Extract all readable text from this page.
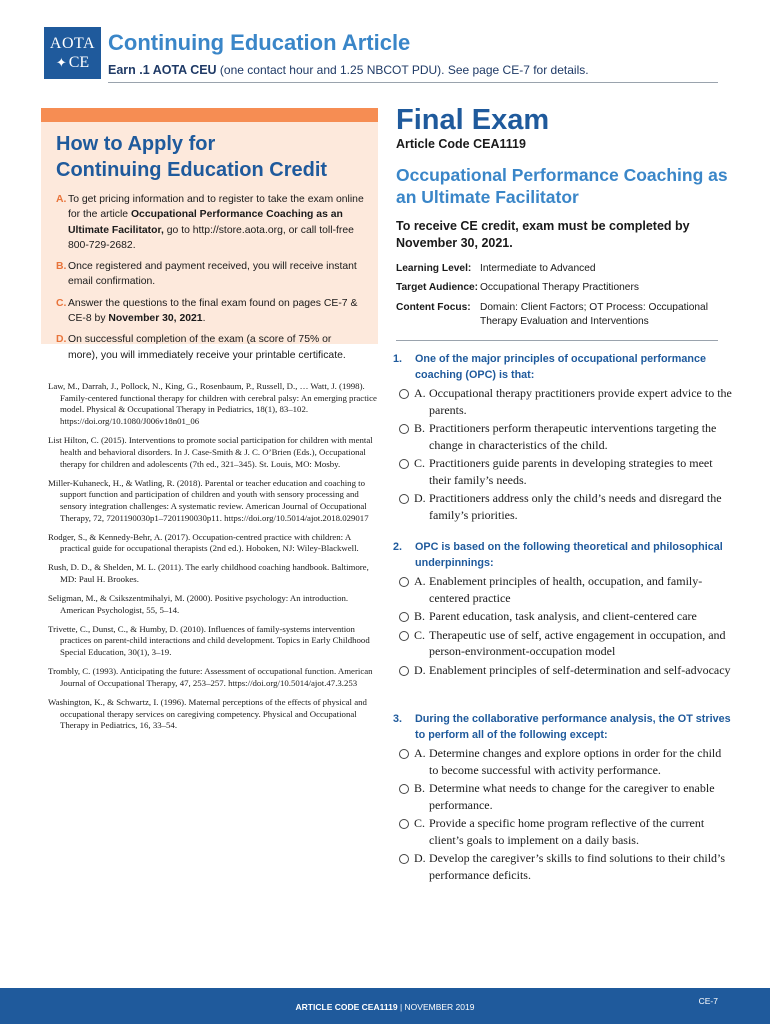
AOTA
✦ CE
Continuing Education Article
Earn .1 AOTA CEU (one contact hour and 1.25 NBCOT PDU). See page CE-7 for details.
How to Apply for
Continuing Education Credit
A. To get pricing information and to register to take the exam online for the article Occupational Performance Coaching as an Ultimate Facilitator, go to http://store.aota.org, or call toll-free 800-729-2682.
B. Once registered and payment received, you will receive instant email confirmation.
C. Answer the questions to the final exam found on pages CE-7 & CE-8 by November 30, 2021.
D. On successful completion of the exam (a score of 75% or more), you will immediately receive your printable certificate.
Law, M., Darrah, J., Pollock, N., King, G., Rosenbaum, P., Russell, D., … Watt, J. (1998). Family-centered functional therapy for children with cerebral palsy: An emerging practice model. Physical & Occupational Therapy in Pediatrics, 18(1), 83–102. https://doi.org/10.1080/J006v18n01_06
List Hilton, C. (2015). Interventions to promote social participation for children with mental health and behavioral disorders. In J. Case-Smith & J. C. O’Brien (Eds.), Occupational therapy for children and adolescents (7th ed., 321–345). St. Louis, MO: Mosby.
Miller-Kuhaneck, H., & Watling, R. (2018). Parental or teacher education and coaching to support function and participation of children and youth with sensory processing and sensory integration challenges: A systematic review. American Journal of Occupational Therapy, 72, 7201190030p1–7201190030p11. https://doi.org/10.5014/ajot.2018.029017
Rodger, S., & Kennedy-Behr, A. (2017). Occupation-centred practice with children: A practical guide for occupational therapists (2nd ed.). Hoboken, NJ: Wiley-Blackwell.
Rush, D. D., & Shelden, M. L. (2011). The early childhood coaching handbook. Baltimore, MD: Paul H. Brookes.
Seligman, M., & Csikszentmihalyi, M. (2000). Positive psychology: An introduction. American Psychologist, 55, 5–14.
Trivette, C., Dunst, C., & Humby, D. (2010). Influences of family-systems intervention practices on parent-child interactions and child development. Topics in Early Childhood Special Education, 30(1), 3–19.
Trombly, C. (1993). Anticipating the future: Assessment of occupational function. American Journal of Occupational Therapy, 47, 253–257. https://doi.org/10.5014/ajot.47.3.253
Washington, K., & Schwartz, I. (1996). Maternal perceptions of the effects of physical and occupational therapy services on caregiving competency. Physical and Occupational Therapy in Pediatrics, 16, 33–54.
Final Exam
Article Code CEA1119
Occupational Performance Coaching as an Ultimate Facilitator
To receive CE credit, exam must be completed by November 30, 2021.
Learning Level: Intermediate to Advanced
Target Audience: Occupational Therapy Practitioners
Content Focus: Domain: Client Factors; OT Process: Occupational Therapy Evaluation and Interventions
1.	One of the major principles of occupational performance coaching (OPC) is that:
A. Occupational therapy practitioners provide expert advice to the parents.
B. Practitioners perform therapeutic interventions targeting the change in characteristics of the child.
C. Practitioners guide parents in developing strategies to meet their family’s needs.
D. Practitioners address only the child’s needs and disregard the family’s priorities.
2.	OPC is based on the following theoretical and philosophical underpinnings:
A. Enablement principles of health, occupation, and family-centered practice
B. Parent education, task analysis, and client-centered care
C. Therapeutic use of self, active engagement in occupation, and person-environment-occupation model
D. Enablement principles of self-determination and self-advocacy
3.	During the collaborative performance analysis, the OT strives to perform all of the following except:
A. Determine changes and explore options in order for the child to become successful with activity performance.
B. Determine what needs to change for the caregiver to enable performance.
C. Provide a specific home program reflective of the current client’s goals to implement on a daily basis.
D. Develop the caregiver’s skills to find solutions to their child’s performance deficits.
ARTICLE CODE CEA1119 | NOVEMBER 2019
CE-7
